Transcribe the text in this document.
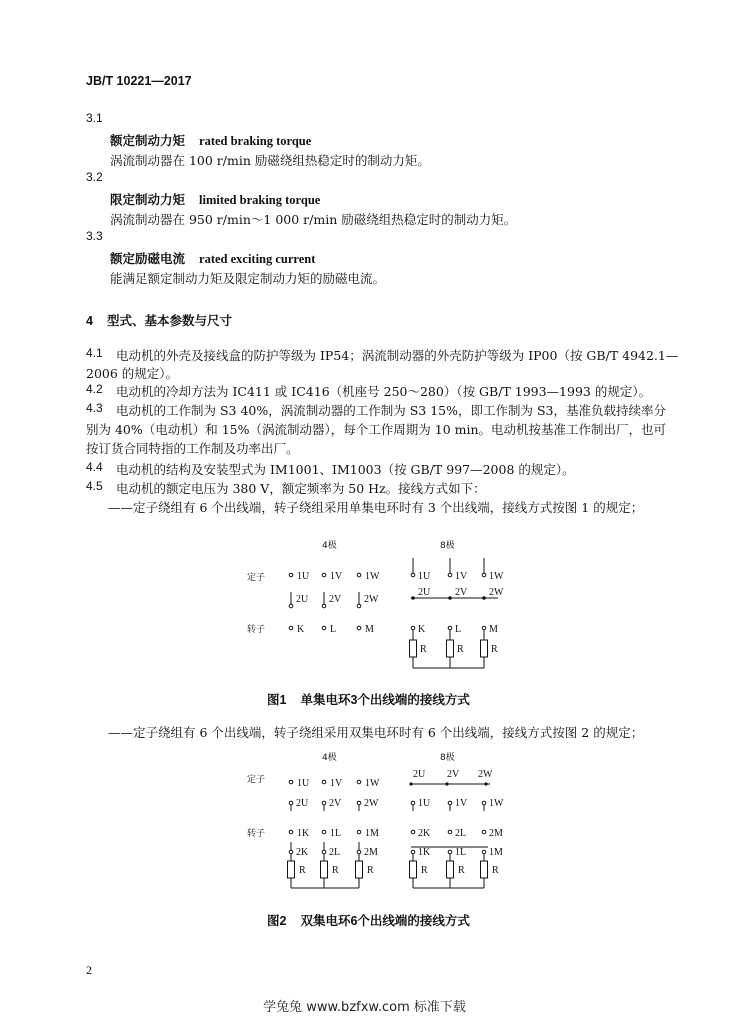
JB/T 10221—2017
3.1
额定制动力矩 rated braking torque
涡流制动器在 100 r/min 励磁绕组热稳定时的制动力矩。
3.2
限定制动力矩 limited braking torque
涡流制动器在 950 r/min～1 000 r/min 励磁绕组热稳定时的制动力矩。
3.3
额定励磁电流 rated exciting current
能满足额定制动力矩及限定制动力矩的励磁电流。
4 型式、基本参数与尺寸
4.1 电动机的外壳及接线盒的防护等级为 IP54；涡流制动器的外壳防护等级为 IP00（按 GB/T 4942.1—
2006 的规定）。
4.2 电动机的冷却方法为 IC411 或 IC416（机座号 250～280）（按 GB/T 1993—1993 的规定）。
4.3 电动机的工作制为 S3 40%，涡流制动器的工作制为 S3 15%，即工作制为 S3，基准负载持续率分
别为 40%（电动机）和 15%（涡流制动器），每个工作周期为 10 min。电动机按基准工作制出厂，也可
按订货合同特指的工作制及功率出厂。
4.4 电动机的结构及安装型式为 IM1001、IM1003（按 GB/T 997—2008 的规定）。
4.5 电动机的额定电压为 380 V，额定频率为 50 Hz。接线方式如下：
——定子绕组有 6 个出线端，转子绕组采用单集电环时有 3 个出线端，接线方式按图 1 的规定；
4极	8极
定子
转子
1U 1V 1W
2U 2V 2W
K	L	M
1U 1V 1W
2U 2V 2W
K
R
L
R
M
R
图1 单集电环3个出线端的接线方式
——定子绕组有 6 个出线端，转子绕组采用双集电环时有 6 个出线端，接线方式按图 2 的规定；
4极	8极
定子
转子
1U 1V 1W
2U 2V 2W
1K 1L 1M
2K
R
2L
R
2M
R
2U 2V 2W
1U 1V 1W
2K 2L 2M
1K
R
1L
R
1M
R
图2 双集电环6个出线端的接线方式
2
学兔兔 www.bzfxw.com 标准下载
